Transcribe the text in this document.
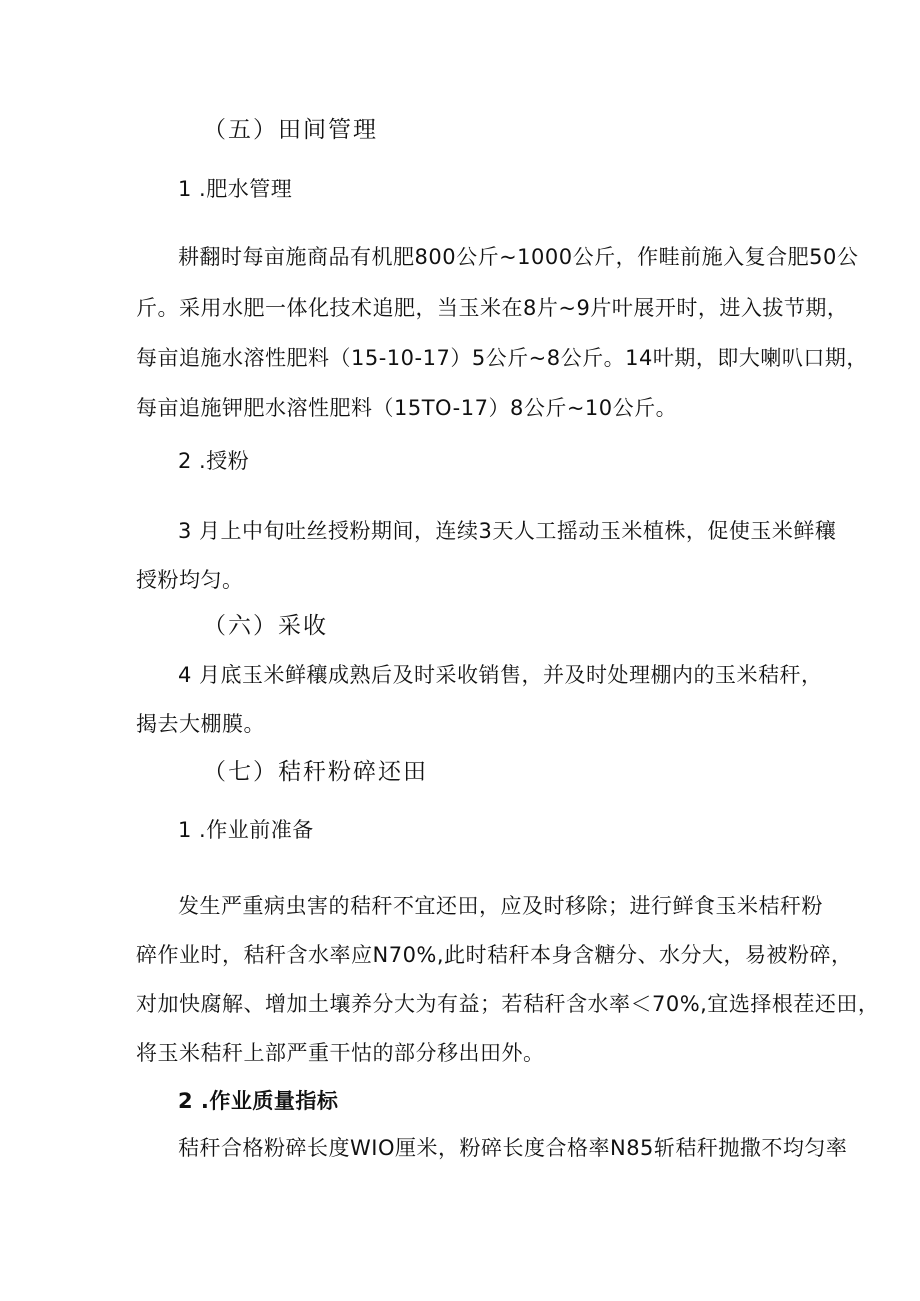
（五）田间管理
1 .肥水管理
耕翻时每亩施商品有机肥800公斤~1000公斤，作畦前施入复合肥50公
斤。采用水肥一体化技术追肥，当玉米在8片~9片叶展开时，进入拔节期，
每亩追施水溶性肥料（15-10-17）5公斤~8公斤。14叶期，即大喇叭口期，
每亩追施钾肥水溶性肥料（15TO-17）8公斤~10公斤。
2 .授粉
3 月上中旬吐丝授粉期间，连续3天人工摇动玉米植株，促使玉米鲜穰
授粉均匀。
（六）采收
4 月底玉米鲜穰成熟后及时采收销售，并及时处理棚内的玉米秸秆，
揭去大棚膜。
（七）秸秆粉碎还田
1 .作业前准备
发生严重病虫害的秸秆不宜还田，应及时移除；进行鲜食玉米桔秆粉
碎作业时，秸秆含水率应N70%,此时秸秆本身含糖分、水分大，易被粉碎，
对加快腐解、增加土壤养分大为有益；若秸秆含水率＜70%,宜选择根茬还田，
将玉米秸秆上部严重干怙的部分移出田外。
2 .作业质量指标
秸秆合格粉碎长度WIO厘米，粉碎长度合格率N85斩秸秆抛撒不均匀率
